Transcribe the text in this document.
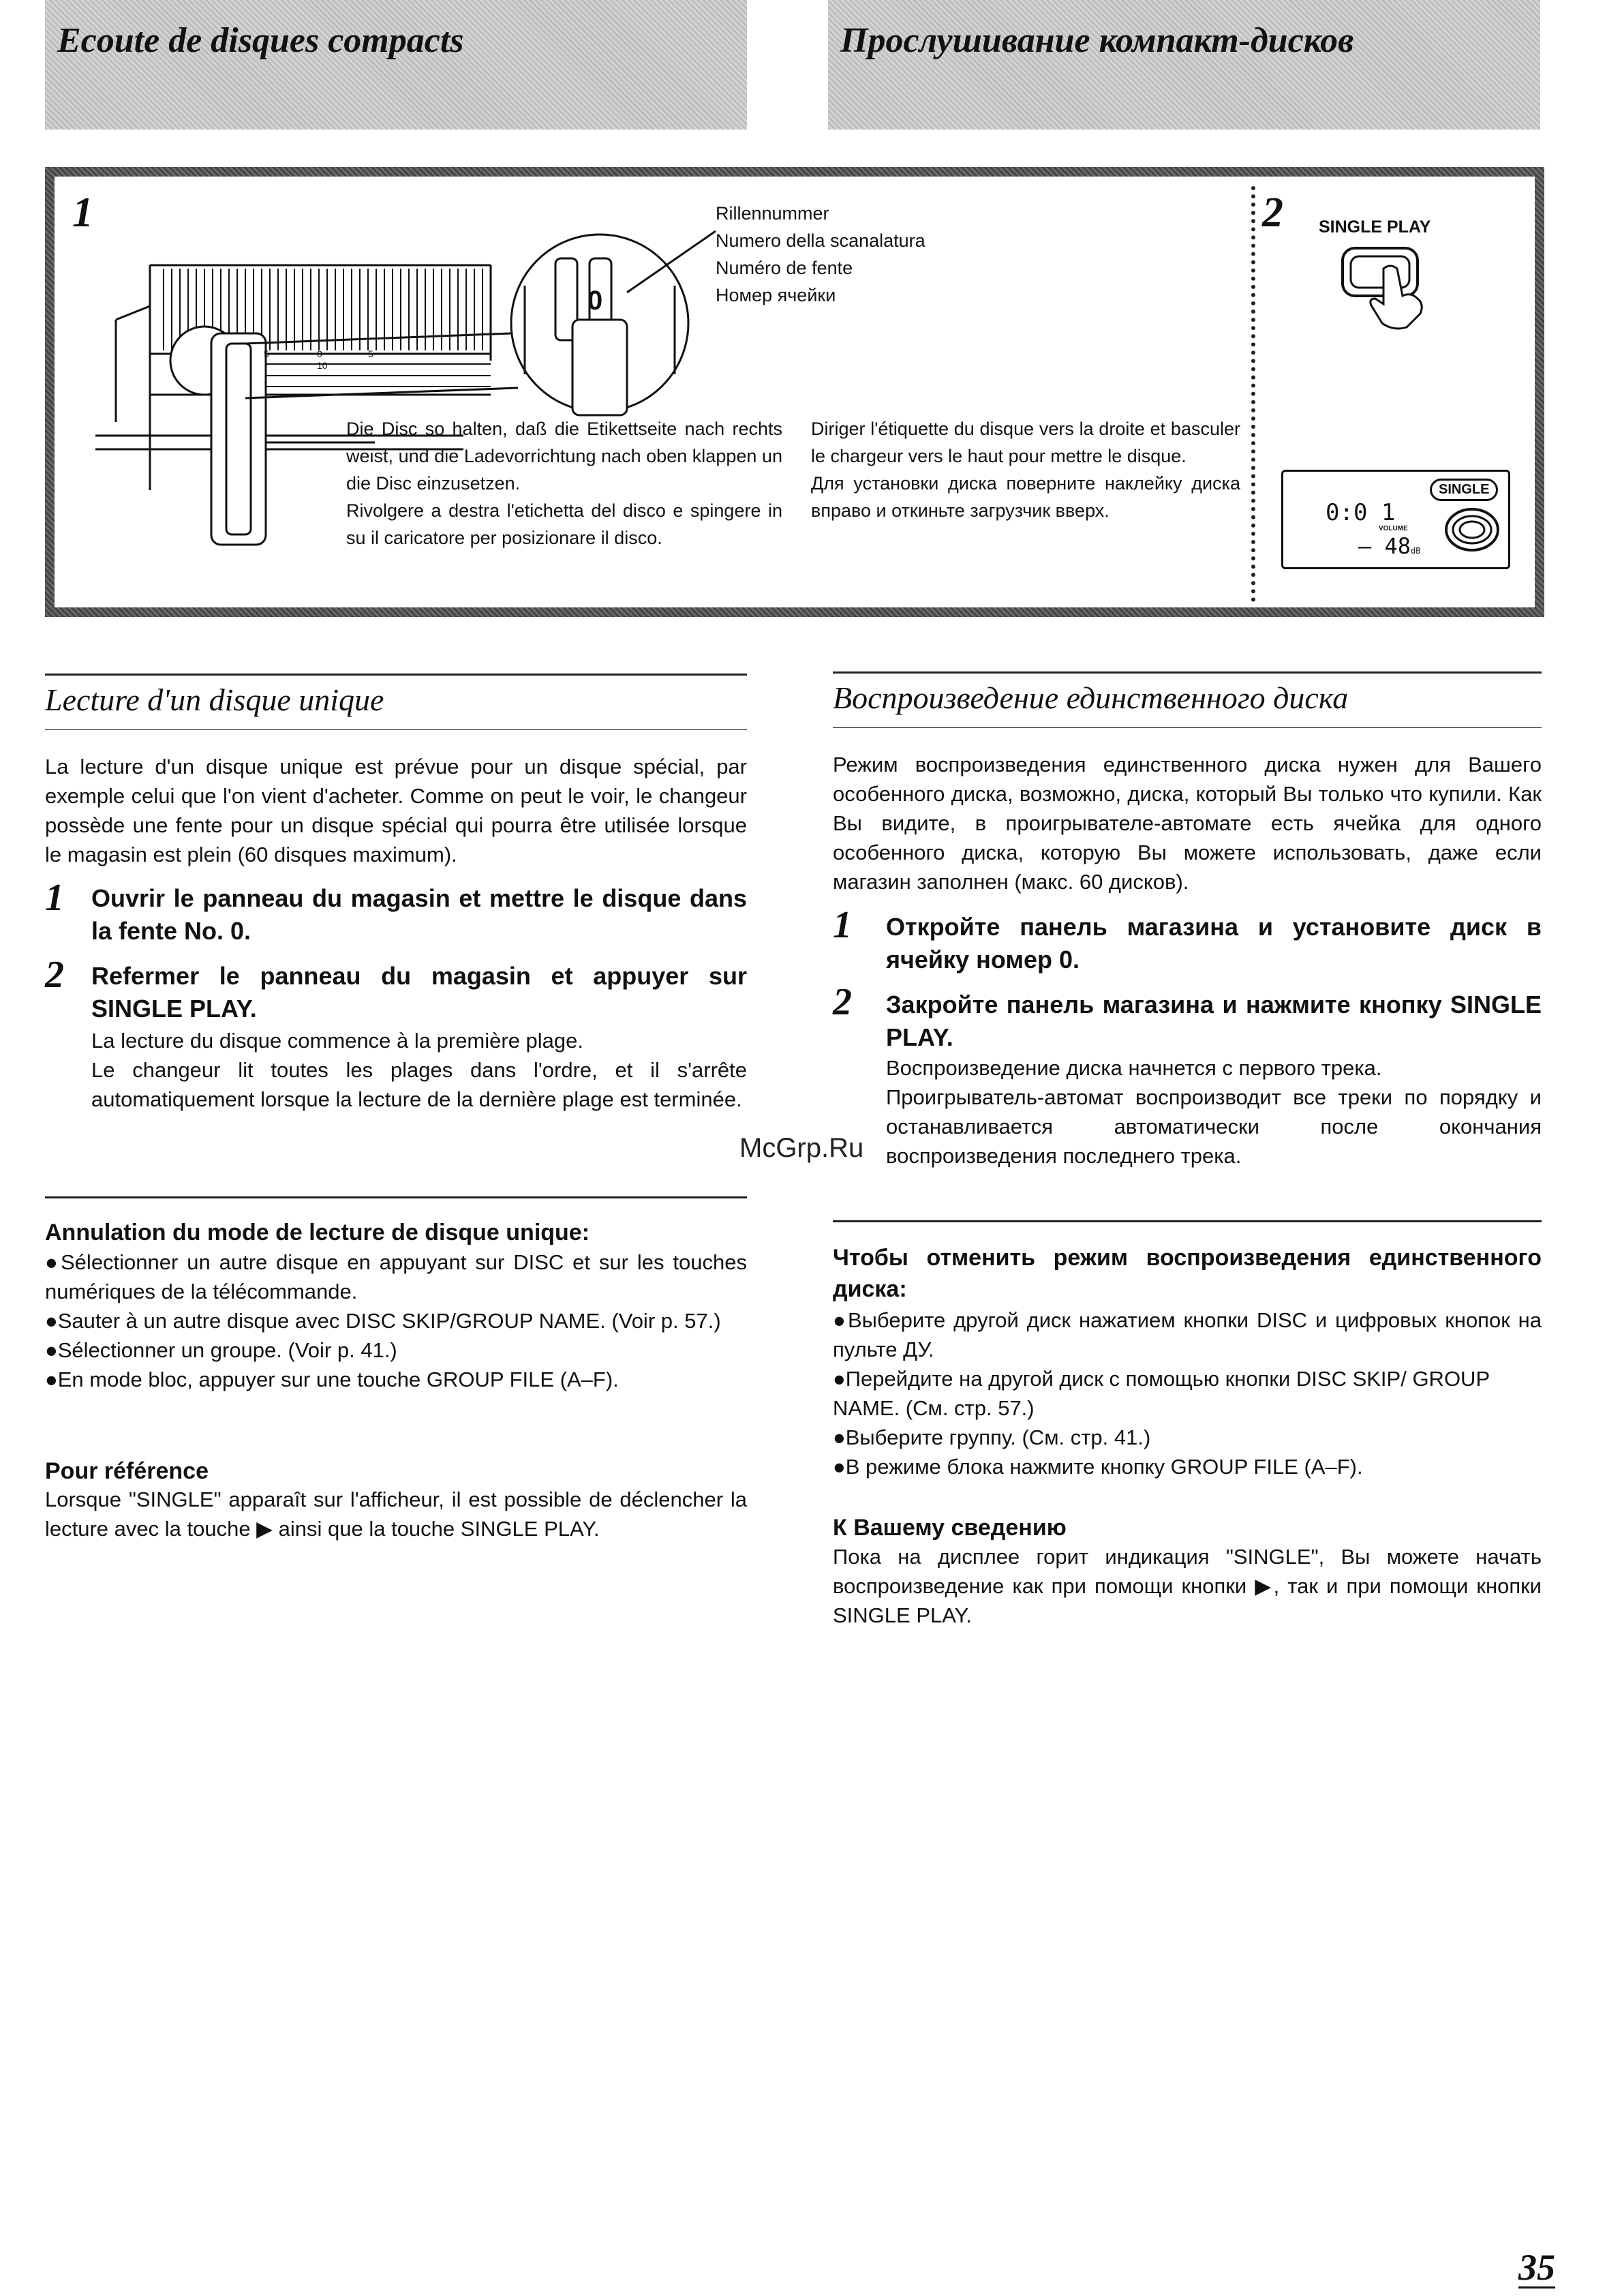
Ecoute de disques compacts	Прослушивание компакт-дисков
1
5	0	5
10
0
Rillennummer
Numero della scanalatura
Numéro de fente
Номер ячейки
Die Disc so halten, daß die Etikettseite nach rechts weist, und die Ladevorrichtung nach oben klappen un die Disc einzusetzen.
Rivolgere a destra l'etichetta del disco e spingere in su il caricatore per posizionare il disco.
Diriger l'étiquette du disque vers la droite et basculer le chargeur vers le haut pour mettre le disque.
Для установки диска поверните наклейку диска вправо и откиньте загрузчик вверх.
2 SINGLE PLAY
SINGLE
0:0 1
VOLUME
– 48dB
Lecture d'un disque unique
La lecture d'un disque unique est prévue pour un disque spécial, par exemple celui que l'on vient d'acheter. Comme on peut le voir, le changeur possède une fente pour un disque spécial qui pourra être utilisée lorsque le magasin est plein (60 disques maximum).
1 Ouvrir le panneau du magasin et mettre le disque dans la fente No. 0.
2 Refermer le panneau du magasin et appuyer sur SINGLE PLAY.
La lecture du disque commence à la première plage.
Le changeur lit toutes les plages dans l'ordre, et il s'arrête automatiquement lorsque la lecture de la dernière plage est terminée.
Annulation du mode de lecture de disque unique:
●Sélectionner un autre disque en appuyant sur DISC et sur les touches numériques de la télécommande.
●Sauter à un autre disque avec DISC SKIP/GROUP NAME. (Voir p. 57.)
●Sélectionner un groupe. (Voir p. 41.)
●En mode bloc, appuyer sur une touche GROUP FILE (A–F).
Pour référence
Lorsque "SINGLE" apparaît sur l'afficheur, il est possible de déclencher la lecture avec la touche ▶ ainsi que la touche SINGLE PLAY.
McGrp.Ru
Воспроизведение единственного диска
Режим воспроизведения единственного диска нужен для Вашего особенного диска, возможно, диска, который Вы только что купили. Как Вы видите, в проигрывателе-автомате есть ячейка для одного особенного диска, которую Вы можете использовать, даже если магазин заполнен (макс. 60 дисков).
1 Откройте панель магазина и установите диск в ячейку номер 0.
2 Закройте панель магазина и нажмите кнопку SINGLE PLAY.
Воспроизведение диска начнется с первого трека.
Проигрыватель-автомат воспроизводит все треки по порядку и останавливается автоматически после окончания воспроизведения последнего трека.
Чтобы отменить режим воспроизведения единственного диска:
●Выберите другой диск нажатием кнопки DISC и цифровых кнопок на пульте ДУ.
●Перейдите на другой диск с помощью кнопки DISC SKIP/ GROUP NAME. (См. стр. 57.)
●Выберите группу. (См. стр. 41.)
●В режиме блока нажмите кнопку GROUP FILE (A–F).
К Вашему сведению
Пока на дисплее горит индикация "SINGLE", Вы можете начать воспроизведение как при помощи кнопки ▶, так и при помощи кнопки SINGLE PLAY.
35
